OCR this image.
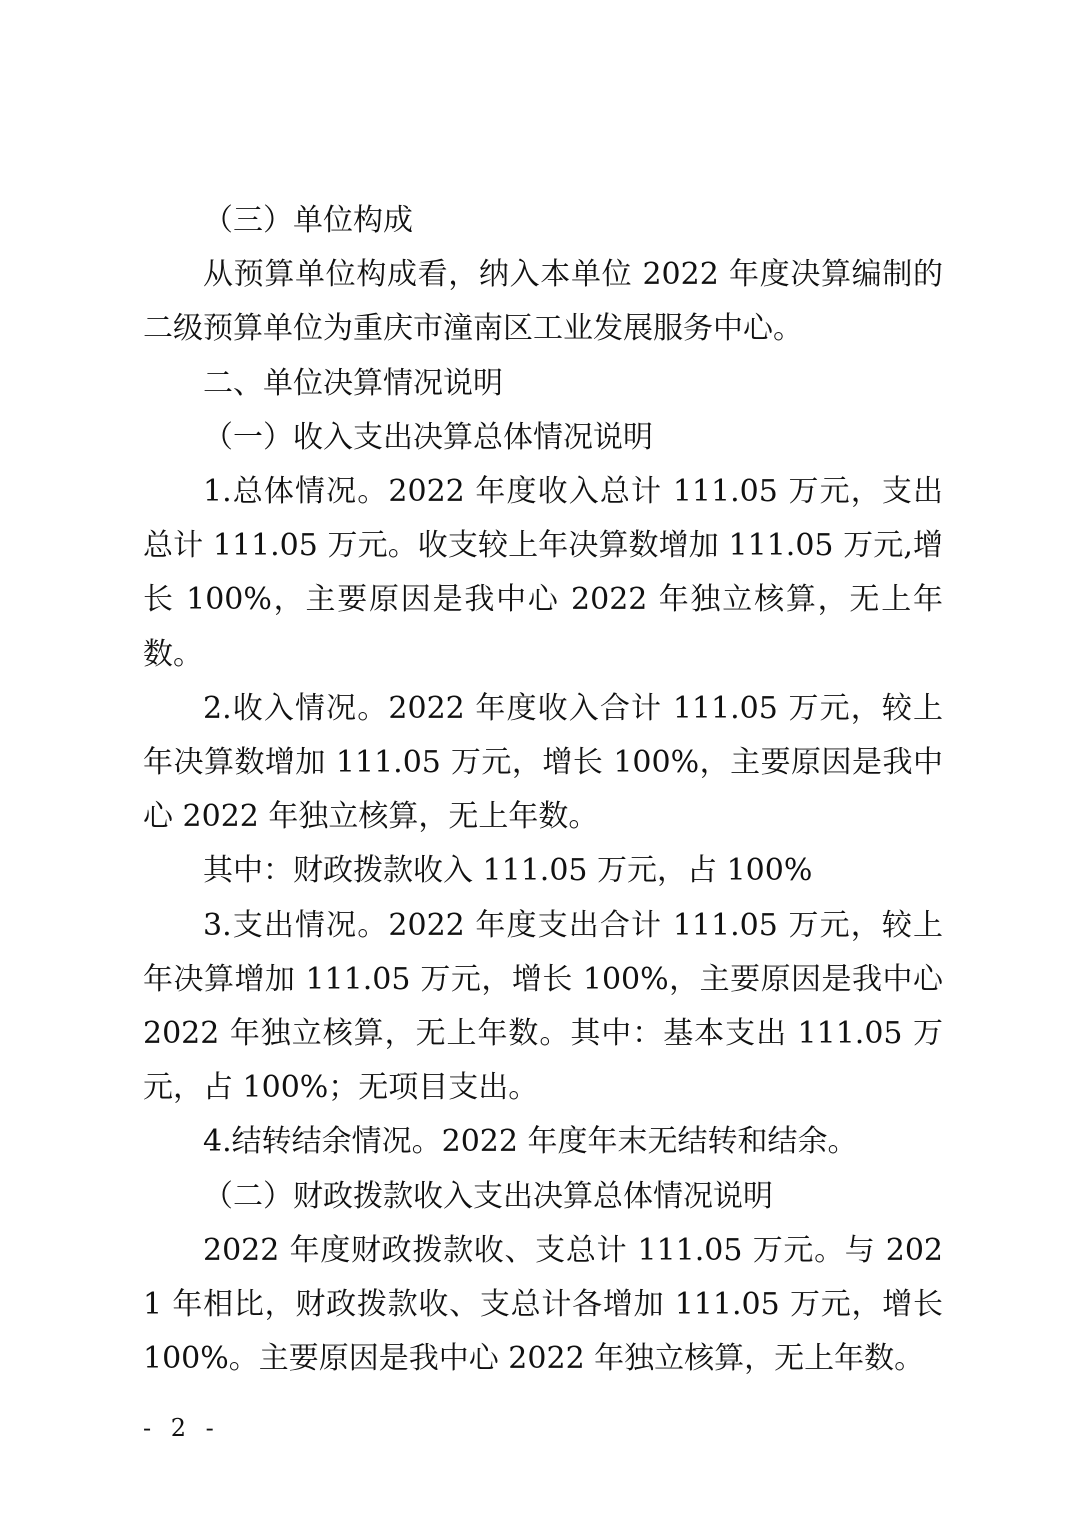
（三）单位构成

从预算单位构成看，纳入本单位 2022 年度决算编制的二级预算单位为重庆市潼南区工业发展服务中心。

二、单位决算情况说明

（一）收入支出决算总体情况说明

1.总体情况。2022 年度收入总计 111.05 万元，支出总计 111.05 万元。收支较上年决算数增加 111.05 万元,增长 100%，主要原因是我中心 2022 年独立核算，无上年数。

2.收入情况。2022 年度收入合计 111.05 万元，较上年决算数增加 111.05 万元，增长 100%，主要原因是我中心 2022 年独立核算，无上年数。

其中：财政拨款收入 111.05 万元，占 100%

3.支出情况。2022 年度支出合计 111.05 万元，较上年决算增加 111.05 万元，增长 100%，主要原因是我中心 2022 年独立核算，无上年数。其中：基本支出 111.05 万元，占 100%；无项目支出。

4.结转结余情况。2022 年度年末无结转和结余。

（二）财政拨款收入支出决算总体情况说明

2022 年度财政拨款收、支总计 111.05 万元。与 2021 年相比，财政拨款收、支总计各增加 111.05 万元，增长 100%。主要原因是我中心 2022 年独立核算，无上年数。

- 2 -
